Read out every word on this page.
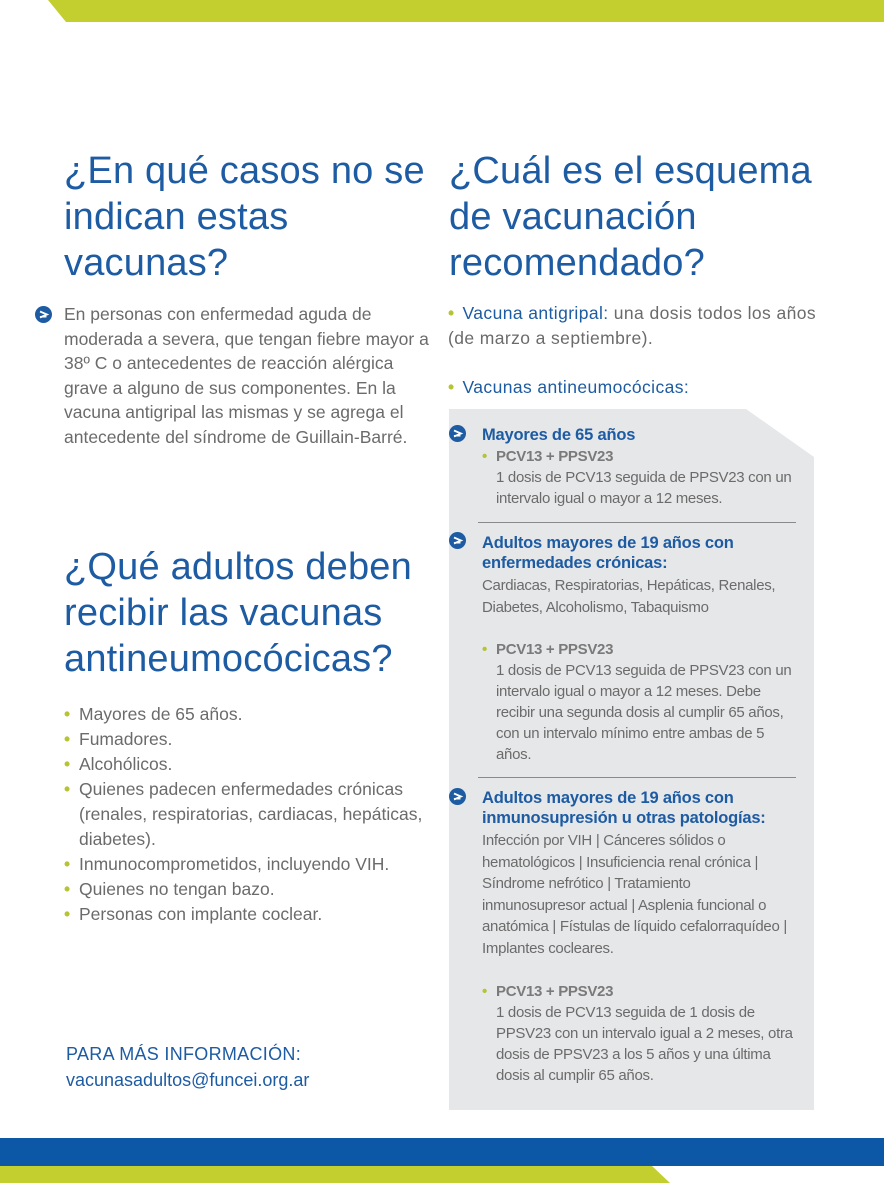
¿En qué casos no se indican estas vacunas?

En personas con enfermedad aguda de moderada a severa, que tengan fiebre mayor a 38º C o antecedentes de reacción alérgica grave a alguno de sus componentes. En la vacuna antigripal las mismas y se agrega el antecedente del síndrome de Guillain-Barré.

¿Qué adultos deben recibir las vacunas antineumocócicas?
• Mayores de 65 años.
• Fumadores.
• Alcohólicos.
• Quienes padecen enfermedades crónicas (renales, respiratorias, cardiacas, hepáticas, diabetes).
• Inmunocomprometidos, incluyendo VIH.
• Quienes no tengan bazo.
• Personas con implante coclear.
PARA MÁS INFORMACIÓN:
vacunasadultos@funcei.org.ar
¿Cuál es el esquema de vacunación recomendado?
• Vacuna antigripal: una dosis todos los años (de marzo a septiembre).
• Vacunas antineumocócicas:
Mayores de 65 años
• PCV13 + PPSV23
1 dosis de PCV13 seguida de PPSV23 con un intervalo igual o mayor a 12 meses.
Adultos mayores de 19 años con enfermedades crónicas:
Cardiacas, Respiratorias, Hepáticas, Renales, Diabetes, Alcoholismo, Tabaquismo
• PCV13 + PPSV23
1 dosis de PCV13 seguida de PPSV23 con un intervalo igual o mayor a 12 meses. Debe recibir una segunda dosis al cumplir 65 años, con un intervalo mínimo entre ambas de 5 años.
Adultos mayores de 19 años con inmunosupresión u otras patologías:
Infección por VIH | Cánceres sólidos o hematológicos | Insuficiencia renal crónica | Síndrome nefrótico | Tratamiento inmunosupresor actual | Asplenia funcional o anatómica | Fístulas de líquido cefalorraquídeo | Implantes cocleares.
• PCV13 + PPSV23
1 dosis de PCV13 seguida de 1 dosis de PPSV23 con un intervalo igual a 2 meses, otra dosis de PPSV23 a los 5 años y una última dosis al cumplir 65 años.
